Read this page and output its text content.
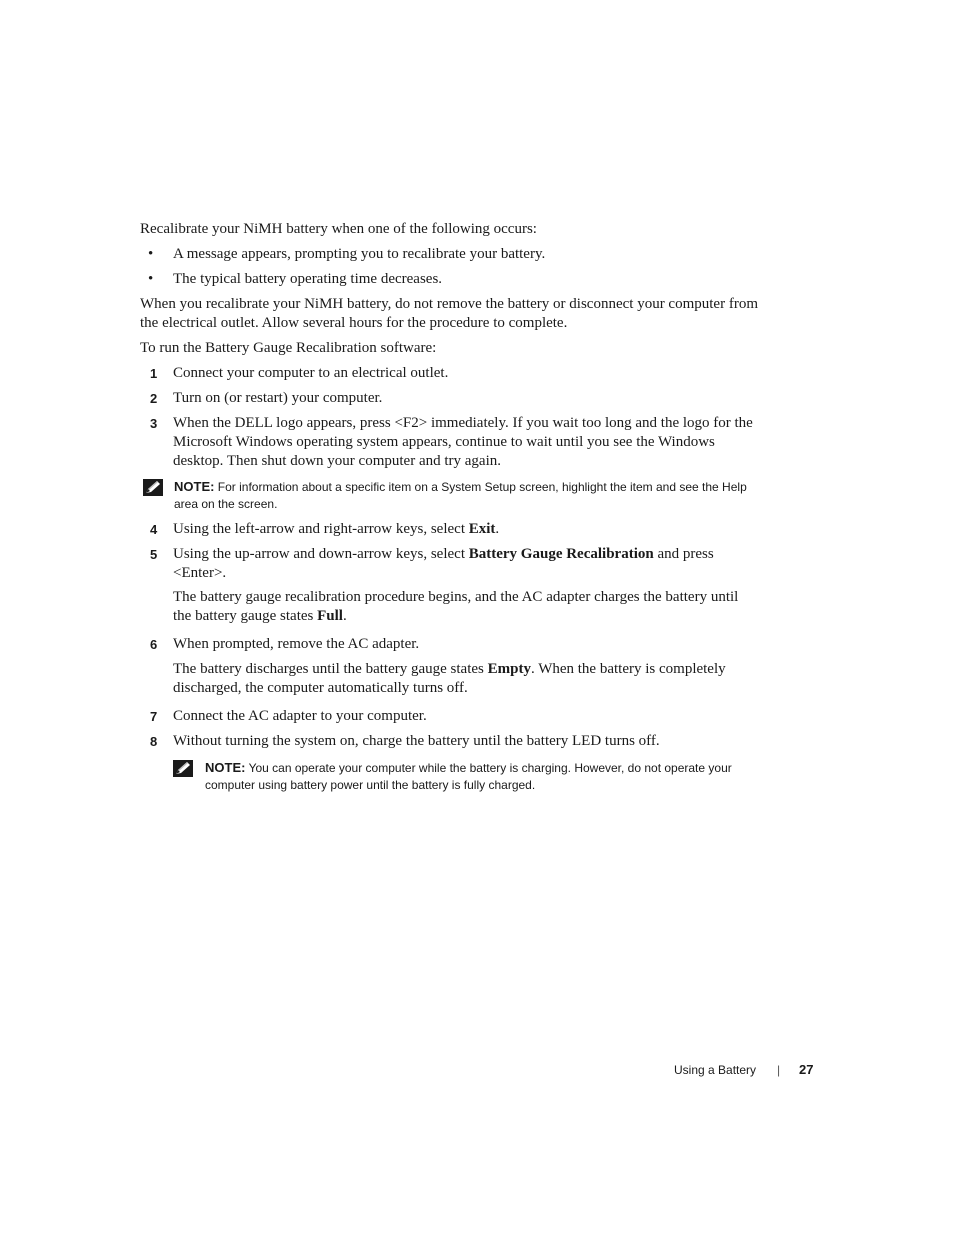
Recalibrate your NiMH battery when one of the following occurs:
• A message appears, prompting you to recalibrate your battery.
• The typical battery operating time decreases.
When you recalibrate your NiMH battery, do not remove the battery or disconnect your computer from the electrical outlet. Allow several hours for the procedure to complete.
To run the Battery Gauge Recalibration software:
1	Connect your computer to an electrical outlet.
2	Turn on (or restart) your computer.
3	When the DELL logo appears, press <F2> immediately. If you wait too long and the logo for the Microsoft Windows operating system appears, continue to wait until you see the Windows desktop. Then shut down your computer and try again.
NOTE: For information about a specific item on a System Setup screen, highlight the item and see the Help area on the screen.
4	Using the left-arrow and right-arrow keys, select Exit.
5	Using the up-arrow and down-arrow keys, select Battery Gauge Recalibration and press <Enter>.
The battery gauge recalibration procedure begins, and the AC adapter charges the battery until the battery gauge states Full.
6	When prompted, remove the AC adapter.
The battery discharges until the battery gauge states Empty. When the battery is completely discharged, the computer automatically turns off.
7	Connect the AC adapter to your computer.
8	Without turning the system on, charge the battery until the battery LED turns off.
NOTE: You can operate your computer while the battery is charging. However, do not operate your computer using battery power until the battery is fully charged.
Using a Battery | 27
